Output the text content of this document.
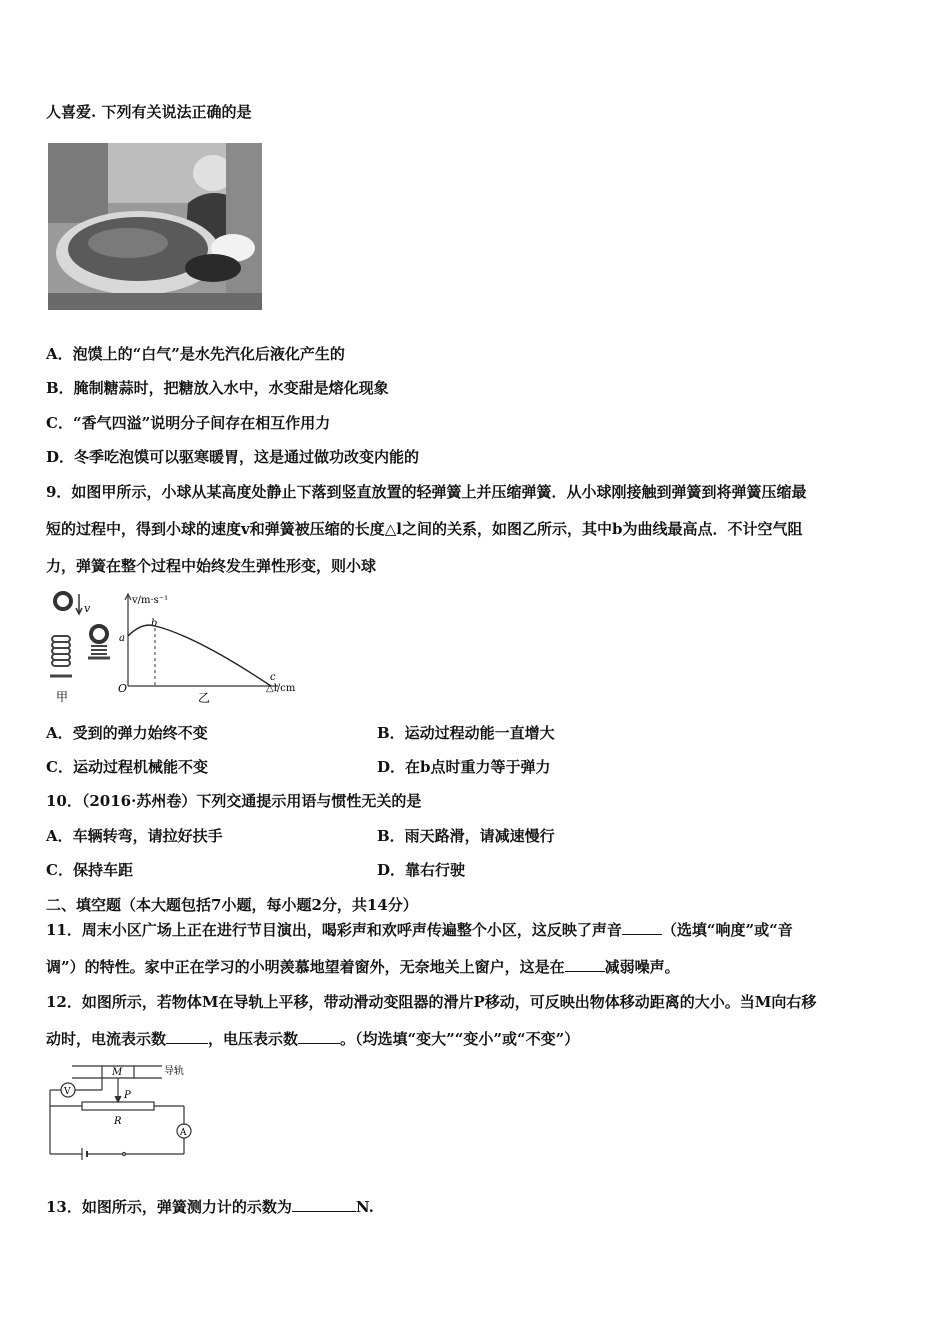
人喜爱. 下列有关说法正确的是
A．泡馍上的“白气”是水先汽化后液化产生的
B．腌制糖蒜时，把糖放入水中，水变甜是熔化现象
C．“香气四溢”说明分子间存在相互作用力
D．冬季吃泡馍可以驱寒暖胃，这是通过做功改变内能的
9．如图甲所示，小球从某高度处静止下落到竖直放置的轻弹簧上并压缩弹簧．从小球刚接触到弹簧到将弹簧压缩最
短的过程中，得到小球的速度v和弹簧被压缩的长度△l之间的关系，如图乙所示，其中b为曲线最高点．不计空气阻
力，弹簧在整个过程中始终发生弹性形变，则小球
v
甲
v/m·s⁻¹
△l/cm
O
a
b
c
乙
A．受到的弹力始终不变	B．运动过程动能一直增大
C．运动过程机械能不变	D．在b点时重力等于弹力
10．（2016·苏州卷）下列交通提示用语与惯性无关的是
A．车辆转弯，请拉好扶手	B．雨天路滑，请减速慢行
C．保持车距	D．靠右行驶
二、填空题（本大题包括7小题，每小题2分，共14分）
11．周末小区广场上正在进行节目演出，喝彩声和欢呼声传遍整个小区，这反映了声音	（选填“响度”或“音
调”）的特性。家中正在学习的小明羡慕地望着窗外，无奈地关上窗户，这是在	减弱噪声。
12．如图所示，若物体M在导轨上平移，带动滑动变阻器的滑片P移动，可反映出物体移动距离的大小。当M向右移
动时，电流表示数	，电压表示数	。（均选填“变大”“变小”或“不变”）
M	导轨
V	P
R
A
13．如图所示，弹簧测力计的示数为	N.
